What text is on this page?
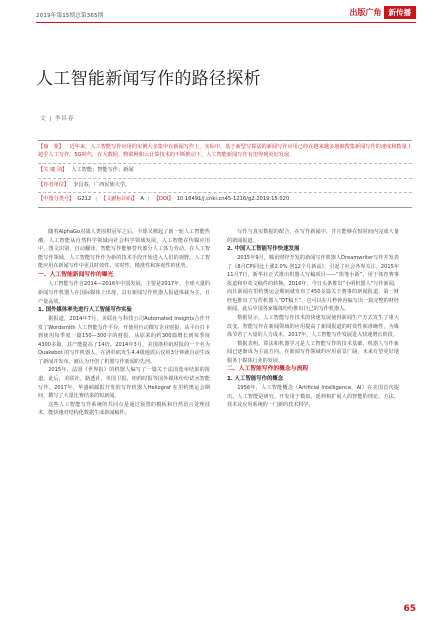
2019年第15期总第365期	出版广角 新传播
人工智能新闻写作的路径探析
文 | 李昌春
【摘　要】 近年来，人工智能写作应用的实例大多集中在新闻写作上，实际中，基于新型写算法的新闻写作应用已经在越来越多地被搜集新闻写作的速度和数量上超乎人工写作。5G时代，在大数据，物联网和云计算技术的不断推动下，人工智能新闻写作有望得到更好发展。
【关 键 词】 人工智能；智能写作；新闻
【作者单位】 李昌春，广西民族大学。
【中图分类号】 G212 | 【文献标识码】 A | 【DOI】 10.16491/j.cnki.cn45-1216/g2.2019.15.020

随着AlphaGo对战人类围棋冠军之后，全球又掀起了新一轮人工智能热潮。人工智能从自然科学领域向社会科学领域发展，人工智能在传媒应用中，图文识别，自动翻译、智能写作能够替代部分人工体力劳动。在人工智能写作领域，人工智能写作作为新的技术手段开始进入人们的视野。人工智能应用在新闻写作中更具时效性、实时性、精准性和客观性的优势。

一、人工智能新闻写作的曝光

人工智能写作自2014—2016年中国发展，主要是2017年，全球大量的新闻写作机器人在国际媒体上出现，具有新闻写作机器人报道体裁为主，且产量高效。

1. 国外媒体率先进行人工智能写作实验

据报道，2014年7月，美联社与科技公司Automated Insights合作开发了Wordsmith 人工智能写作平台，开使用自动撰写企业财报，从平台打卡到使用每季度一篇150—300字的财报，从原来的约300篇增长到每季度4300多篇，其产能提高了14倍。2014年3月，美国洛杉矶时报的一个名为Quakebot 的写作机器人，在洛杉矶发生4.4级地震后仅用3分钟就自动生成了新闻并发布，被认为开创了机器写作新闻的先河。

2015年，法国《世界报》的机器人编写了一篇关于法国选举结果的报道。此后，美联社、路透社、英国卫报、纽约时报等国外媒体纷纷试水智能写作。2017年，华盛顿邮报开发的写作机器人Heliograf 在里约奥运会期间，撰写了大量比赛结果的短新闻。

这些人工智能写作系统的共同点是通过预置的模板和自然语言处理技术，能快速对结构化数据生成新闻稿件。

写作与真实数据的配合，在写作新闻中，并且能够在短时间内完成大量的新闻报道。

2. 中国人工智能写作快速发展

2015年9月，腾讯财经开发的新闻写作机器人Dreamwriter写作并发表了《8月CPI同比上涨2.0% 创12个月新高》，引起了社会各界关注。2015年11月7日，新华社正式推出机器人写稿项目——“快笔小新”，用于体育赛事报道和中英文稿件的转换。2016年，今日头条推出“小明机器人”写作新闻，而且新闻在里约奥运会期间就发布了450多篇关于赛事的新闻报道。第一财经也推出了写作机器人“DT稿王”，它可以在几秒钟内编写出一篇完整的财经新闻。此后中国各家媒体纷纷推出自己的写作机器人。

数据显示，人工智能写作技术的快速发展使得新闻生产方式发生了重大改变。智能写作在新闻领域的应用提高了新闻报道的时效性和准确性，为媒体节省了大量的人力成本。2017年，人工智能写作发展进入快速增长阶段。

数据表明，算法和机器学习是人工智能写作的技术基础，机器人写作新闻已逐渐成为主流方向，在新闻写作领域的应用前景广阔，未来有望更好地服务于媒体行业的发展。

二、人工智能写作的概念与流程

1. 人工智能写作的概念

1956年，人工智能概念（Artificial Intelligence，AI）在美国首次提出。人工智能是研究、开发用于模拟、延伸和扩展人的智能的理论、方法、技术及应用系统的一门新的技术科学。

65
